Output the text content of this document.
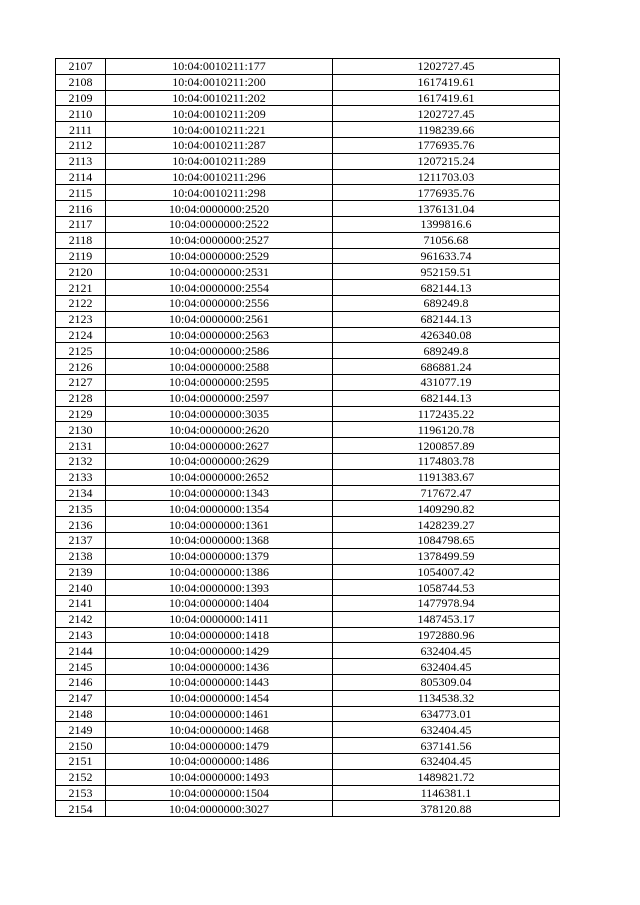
2107	10:04:0010211:177	1202727.45
2108	10:04:0010211:200	1617419.61
2109	10:04:0010211:202	1617419.61
2110	10:04:0010211:209	1202727.45
2111	10:04:0010211:221	1198239.66
2112	10:04:0010211:287	1776935.76
2113	10:04:0010211:289	1207215.24
2114	10:04:0010211:296	1211703.03
2115	10:04:0010211:298	1776935.76
2116	10:04:0000000:2520	1376131.04
2117	10:04:0000000:2522	1399816.6
2118	10:04:0000000:2527	71056.68
2119	10:04:0000000:2529	961633.74
2120	10:04:0000000:2531	952159.51
2121	10:04:0000000:2554	682144.13
2122	10:04:0000000:2556	689249.8
2123	10:04:0000000:2561	682144.13
2124	10:04:0000000:2563	426340.08
2125	10:04:0000000:2586	689249.8
2126	10:04:0000000:2588	686881.24
2127	10:04:0000000:2595	431077.19
2128	10:04:0000000:2597	682144.13
2129	10:04:0000000:3035	1172435.22
2130	10:04:0000000:2620	1196120.78
2131	10:04:0000000:2627	1200857.89
2132	10:04:0000000:2629	1174803.78
2133	10:04:0000000:2652	1191383.67
2134	10:04:0000000:1343	717672.47
2135	10:04:0000000:1354	1409290.82
2136	10:04:0000000:1361	1428239.27
2137	10:04:0000000:1368	1084798.65
2138	10:04:0000000:1379	1378499.59
2139	10:04:0000000:1386	1054007.42
2140	10:04:0000000:1393	1058744.53
2141	10:04:0000000:1404	1477978.94
2142	10:04:0000000:1411	1487453.17
2143	10:04:0000000:1418	1972880.96
2144	10:04:0000000:1429	632404.45
2145	10:04:0000000:1436	632404.45
2146	10:04:0000000:1443	805309.04
2147	10:04:0000000:1454	1134538.32
2148	10:04:0000000:1461	634773.01
2149	10:04:0000000:1468	632404.45
2150	10:04:0000000:1479	637141.56
2151	10:04:0000000:1486	632404.45
2152	10:04:0000000:1493	1489821.72
2153	10:04:0000000:1504	1146381.1
2154	10:04:0000000:3027	378120.88
